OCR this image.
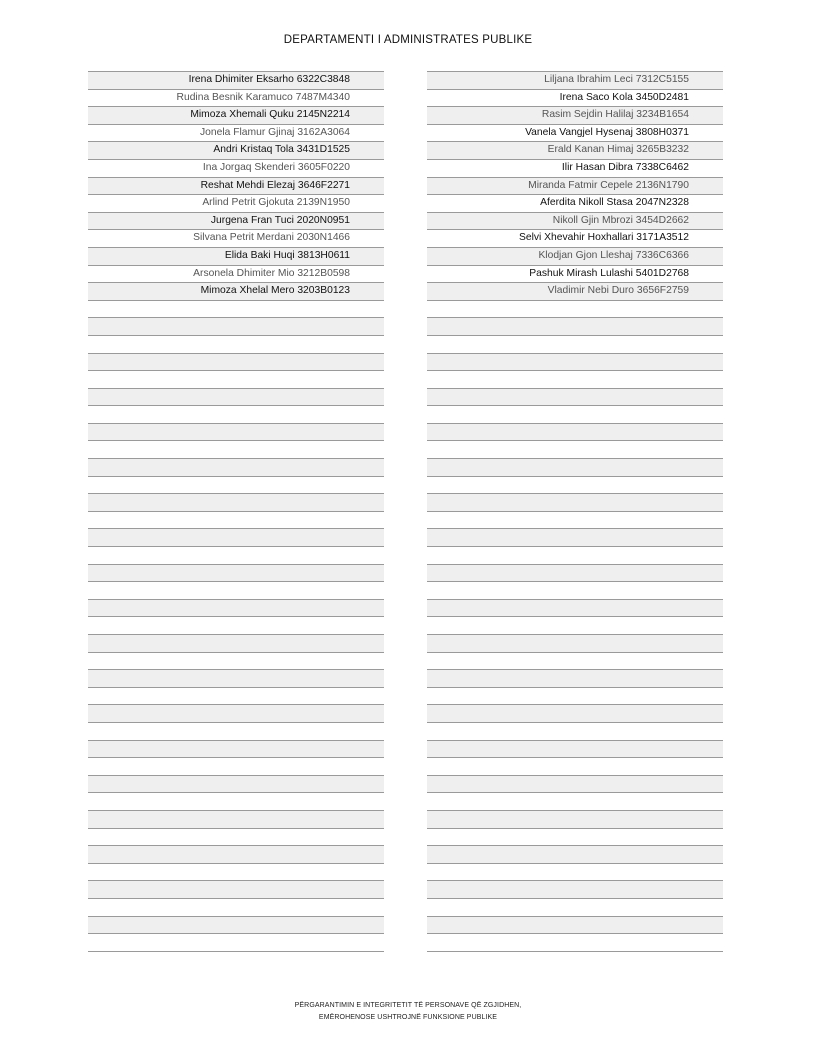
DEPARTAMENTI I ADMINISTRATES PUBLIKE
Irena Dhimiter Eksarho 6322C3848
Rudina Besnik Karamuco 7487M4340
Mimoza Xhemali Quku 2145N2214
Jonela Flamur Gjinaj 3162A3064
Andri Kristaq Tola 3431D1525
Ina Jorgaq Skenderi 3605F0220
Reshat Mehdi Elezaj 3646F2271
Arlind Petrit Gjokuta 2139N1950
Jurgena Fran Tuci 2020N0951
Silvana Petrit Merdani 2030N1466
Elida Baki Huqi 3813H0611
Arsonela Dhimiter Mio 3212B0598
Mimoza Xhelal Mero 3203B0123
Liljana Ibrahim Leci 7312C5155
Irena Saco Kola 3450D2481
Rasim Sejdin Halilaj 3234B1654
Vanela Vangjel Hysenaj 3808H0371
Erald Kanan Himaj 3265B3232
Ilir Hasan Dibra 7338C6462
Miranda Fatmir Cepele 2136N1790
Aferdita Nikoll Stasa 2047N2328
Nikoll Gjin Mbrozi 3454D2662
Selvi Xhevahir Hoxhallari 3171A3512
Klodjan Gjon Lleshaj 7336C6366
Pashuk Mirash Lulashi 5401D2768
Vladimir Nebi Duro 3656F2759
PËRGARANTIMIN E INTEGRITETIT TË PERSONAVE QË ZGJIDHEN,
EMËROHENOSE USHTROJNË FUNKSIONE PUBLIKE
